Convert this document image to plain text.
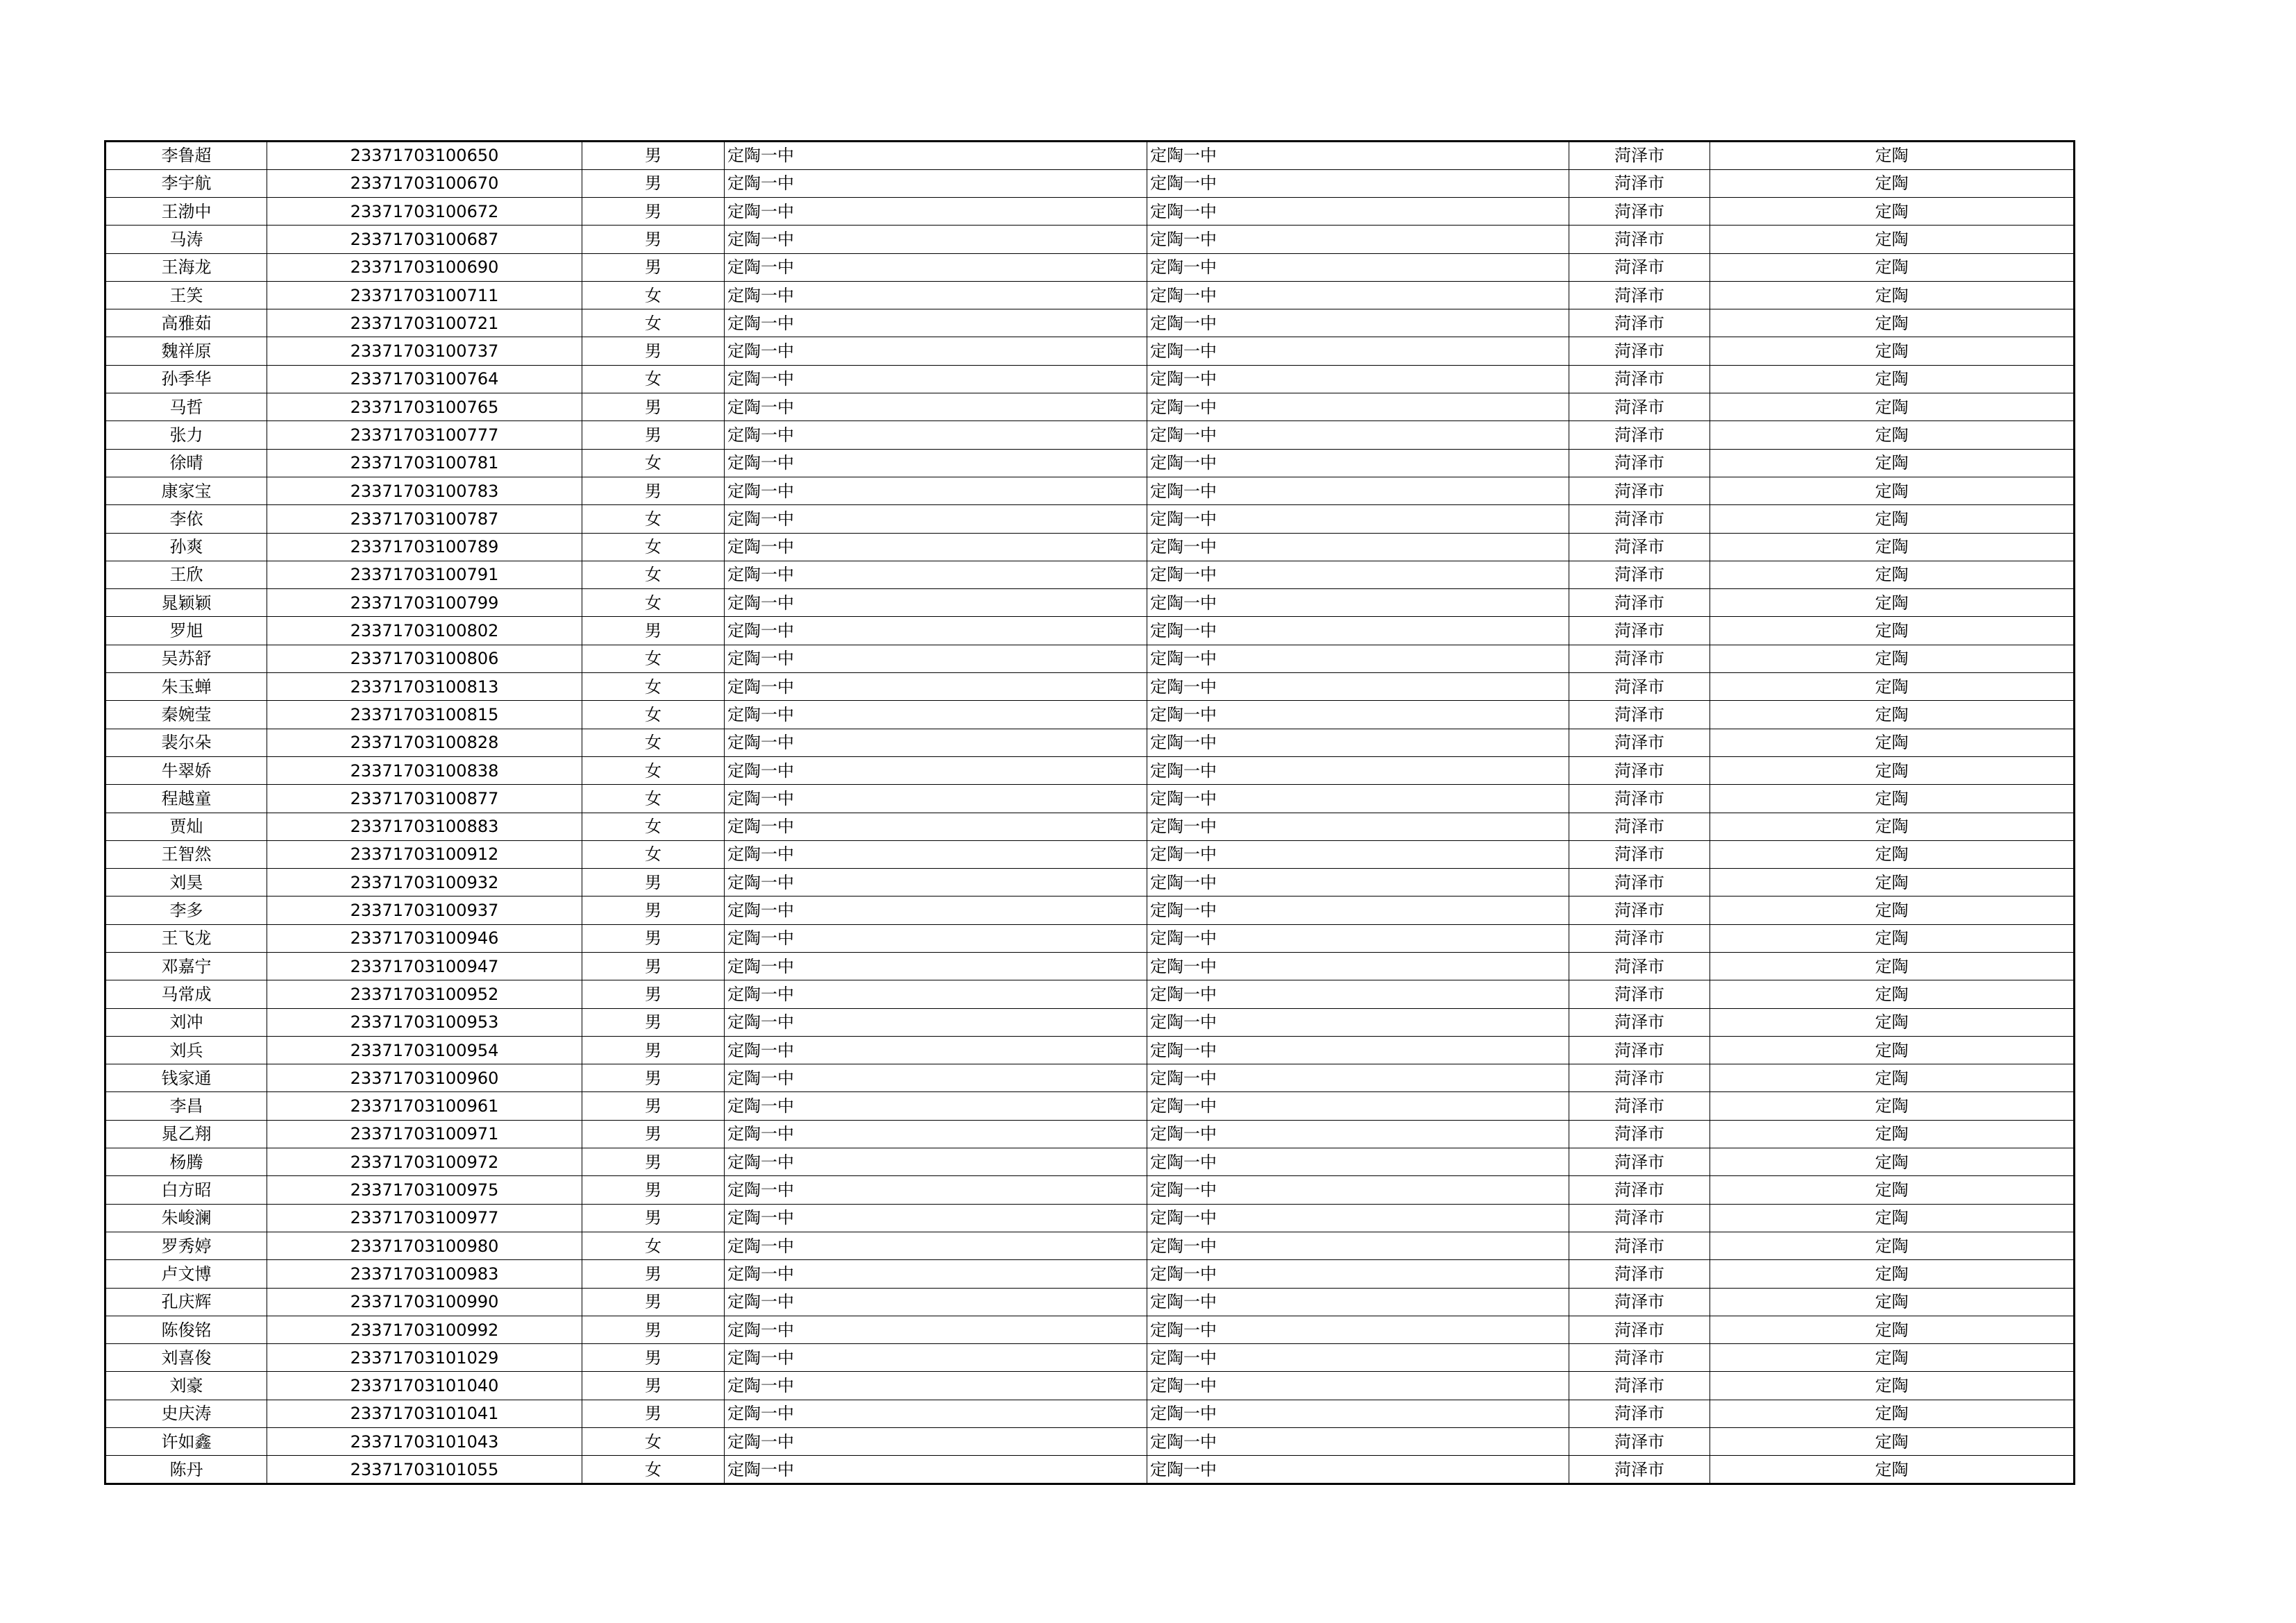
李鲁超	23371703100650	男	定陶一中	定陶一中	菏泽市	定陶
李宇航	23371703100670	男	定陶一中	定陶一中	菏泽市	定陶
王渤中	23371703100672	男	定陶一中	定陶一中	菏泽市	定陶
马涛	23371703100687	男	定陶一中	定陶一中	菏泽市	定陶
王海龙	23371703100690	男	定陶一中	定陶一中	菏泽市	定陶
王笑	23371703100711	女	定陶一中	定陶一中	菏泽市	定陶
高雅茹	23371703100721	女	定陶一中	定陶一中	菏泽市	定陶
魏祥原	23371703100737	男	定陶一中	定陶一中	菏泽市	定陶
孙季华	23371703100764	女	定陶一中	定陶一中	菏泽市	定陶
马哲	23371703100765	男	定陶一中	定陶一中	菏泽市	定陶
张力	23371703100777	男	定陶一中	定陶一中	菏泽市	定陶
徐晴	23371703100781	女	定陶一中	定陶一中	菏泽市	定陶
康家宝	23371703100783	男	定陶一中	定陶一中	菏泽市	定陶
李依	23371703100787	女	定陶一中	定陶一中	菏泽市	定陶
孙爽	23371703100789	女	定陶一中	定陶一中	菏泽市	定陶
王欣	23371703100791	女	定陶一中	定陶一中	菏泽市	定陶
晁颖颖	23371703100799	女	定陶一中	定陶一中	菏泽市	定陶
罗旭	23371703100802	男	定陶一中	定陶一中	菏泽市	定陶
吴苏舒	23371703100806	女	定陶一中	定陶一中	菏泽市	定陶
朱玉蝉	23371703100813	女	定陶一中	定陶一中	菏泽市	定陶
秦婉莹	23371703100815	女	定陶一中	定陶一中	菏泽市	定陶
裴尔朵	23371703100828	女	定陶一中	定陶一中	菏泽市	定陶
牛翠娇	23371703100838	女	定陶一中	定陶一中	菏泽市	定陶
程越童	23371703100877	女	定陶一中	定陶一中	菏泽市	定陶
贾灿	23371703100883	女	定陶一中	定陶一中	菏泽市	定陶
王智然	23371703100912	女	定陶一中	定陶一中	菏泽市	定陶
刘昊	23371703100932	男	定陶一中	定陶一中	菏泽市	定陶
李多	23371703100937	男	定陶一中	定陶一中	菏泽市	定陶
王飞龙	23371703100946	男	定陶一中	定陶一中	菏泽市	定陶
邓嘉宁	23371703100947	男	定陶一中	定陶一中	菏泽市	定陶
马常成	23371703100952	男	定陶一中	定陶一中	菏泽市	定陶
刘冲	23371703100953	男	定陶一中	定陶一中	菏泽市	定陶
刘兵	23371703100954	男	定陶一中	定陶一中	菏泽市	定陶
钱家通	23371703100960	男	定陶一中	定陶一中	菏泽市	定陶
李昌	23371703100961	男	定陶一中	定陶一中	菏泽市	定陶
晁乙翔	23371703100971	男	定陶一中	定陶一中	菏泽市	定陶
杨腾	23371703100972	男	定陶一中	定陶一中	菏泽市	定陶
白方昭	23371703100975	男	定陶一中	定陶一中	菏泽市	定陶
朱峻澜	23371703100977	男	定陶一中	定陶一中	菏泽市	定陶
罗秀婷	23371703100980	女	定陶一中	定陶一中	菏泽市	定陶
卢文博	23371703100983	男	定陶一中	定陶一中	菏泽市	定陶
孔庆辉	23371703100990	男	定陶一中	定陶一中	菏泽市	定陶
陈俊铭	23371703100992	男	定陶一中	定陶一中	菏泽市	定陶
刘喜俊	23371703101029	男	定陶一中	定陶一中	菏泽市	定陶
刘豪	23371703101040	男	定陶一中	定陶一中	菏泽市	定陶
史庆涛	23371703101041	男	定陶一中	定陶一中	菏泽市	定陶
许如鑫	23371703101043	女	定陶一中	定陶一中	菏泽市	定陶
陈丹	23371703101055	女	定陶一中	定陶一中	菏泽市	定陶
